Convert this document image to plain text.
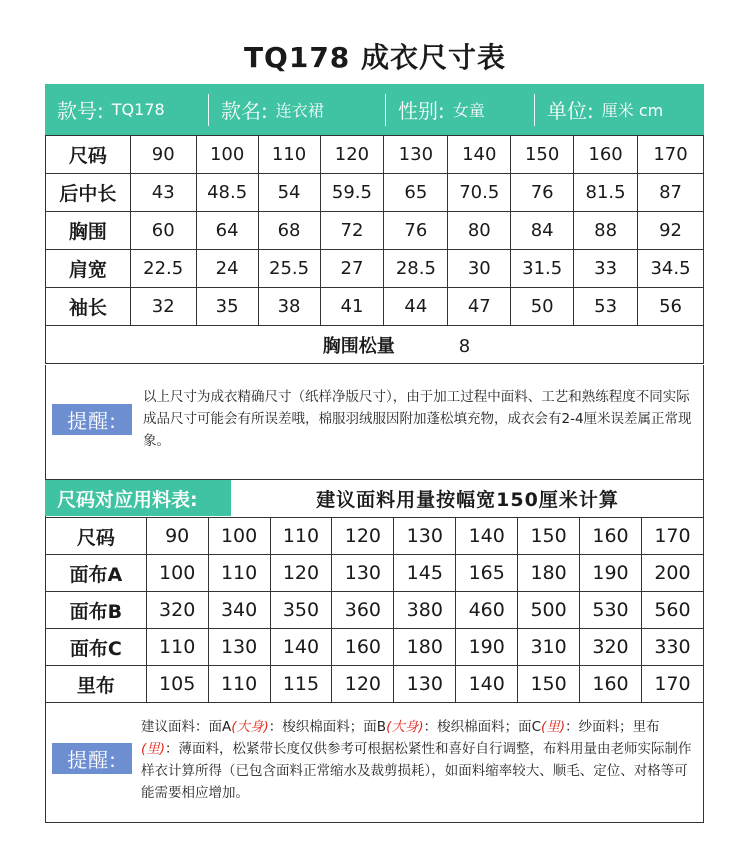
TQ178 成衣尺寸表
款号: TQ178	款名: 连衣裙	性别: 女童	单位: 厘米 cm
尺码	90	100	110	120	130	140	150	160	170
后中长	43	48.5	54	59.5	65	70.5	76	81.5	87
胸围	60	64	68	72	76	80	84	88	92
肩宽	22.5	24	25.5	27	28.5	30	31.5	33	34.5
袖长	32	35	38	41	44	47	50	53	56
胸围松量 8									
提醒:
以上尺寸为成衣精确尺寸（纸样净版尺寸），由于加工过程中面料、工艺和熟练程度不同实际成品尺寸可能会有所误差哦，棉服羽绒服因附加蓬松填充物，成衣会有2-4厘米误差属正常现象。
尺码对应用料表:	建议面料用量按幅宽150厘米计算
尺码	90	100	110	120	130	140	150	160	170
面布A	100	110	120	130	145	165	180	190	200
面布B	320	340	350	360	380	460	500	530	560
面布C	110	130	140	160	180	190	310	320	330
里布	105	110	115	120	130	140	150	160	170
提醒:
建议面料：面A(大身)：梭织棉面料；面B(大身)：梭织棉面料；面C(里)：纱面料；里布(里)：薄面料，松紧带长度仅供参考可根据松紧性和喜好自行调整，布料用量由老师实际制作样衣计算所得（已包含面料正常缩水及裁剪损耗），如面料缩率较大、顺毛、定位、对格等可能需要相应增加。
